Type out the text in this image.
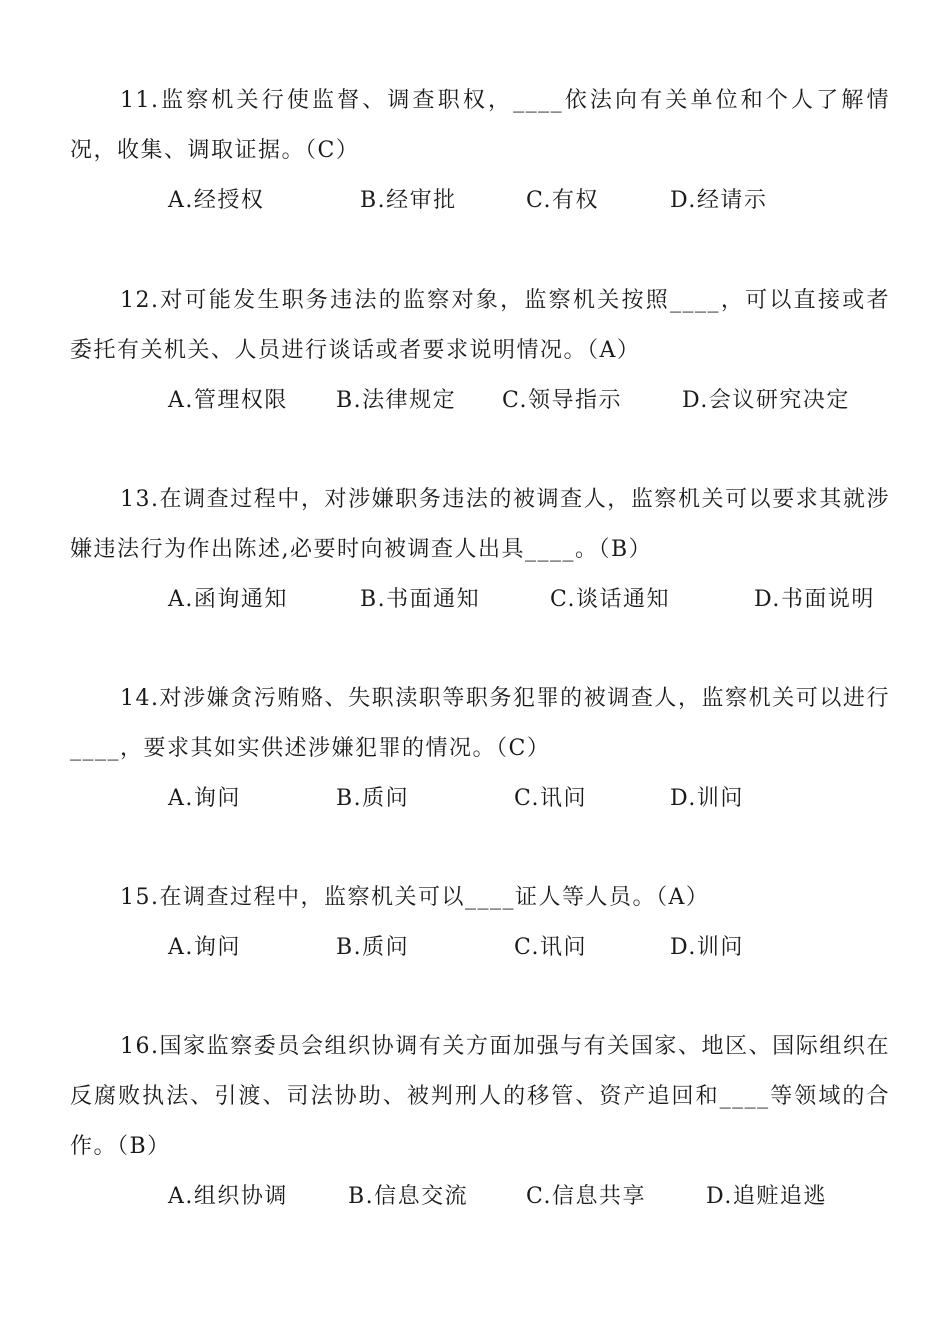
11.监察机关行使监督、调查职权，____依法向有关单位和个人了解情况，收集、调取证据。（C）

A.经授权	B.经审批	C.有权	D.经请示

12.对可能发生职务违法的监察对象，监察机关按照____，可以直接或者委托有关机关、人员进行谈话或者要求说明情况。（A）

A.管理权限 B.法律规定 C.领导指示	D.会议研究决定

13.在调查过程中，对涉嫌职务违法的被调查人，监察机关可以要求其就涉嫌违法行为作出陈述,必要时向被调查人出具____。（B）

A.函询通知	B.书面通知	C.谈话通知	D.书面说明

14.对涉嫌贪污贿赂、失职渎职等职务犯罪的被调查人，监察机关可以进行____，要求其如实供述涉嫌犯罪的情况。（C）

A.询问	B.质问	C.讯问	D.训问

15.在调查过程中，监察机关可以____证人等人员。（A）

A.询问	B.质问	C.讯问	D.训问

16.国家监察委员会组织协调有关方面加强与有关国家、地区、国际组织在反腐败执法、引渡、司法协助、被判刑人的移管、资产追回和____等领域的合作。（B）

A.组织协调	B.信息交流	C.信息共享	D.追赃追逃
